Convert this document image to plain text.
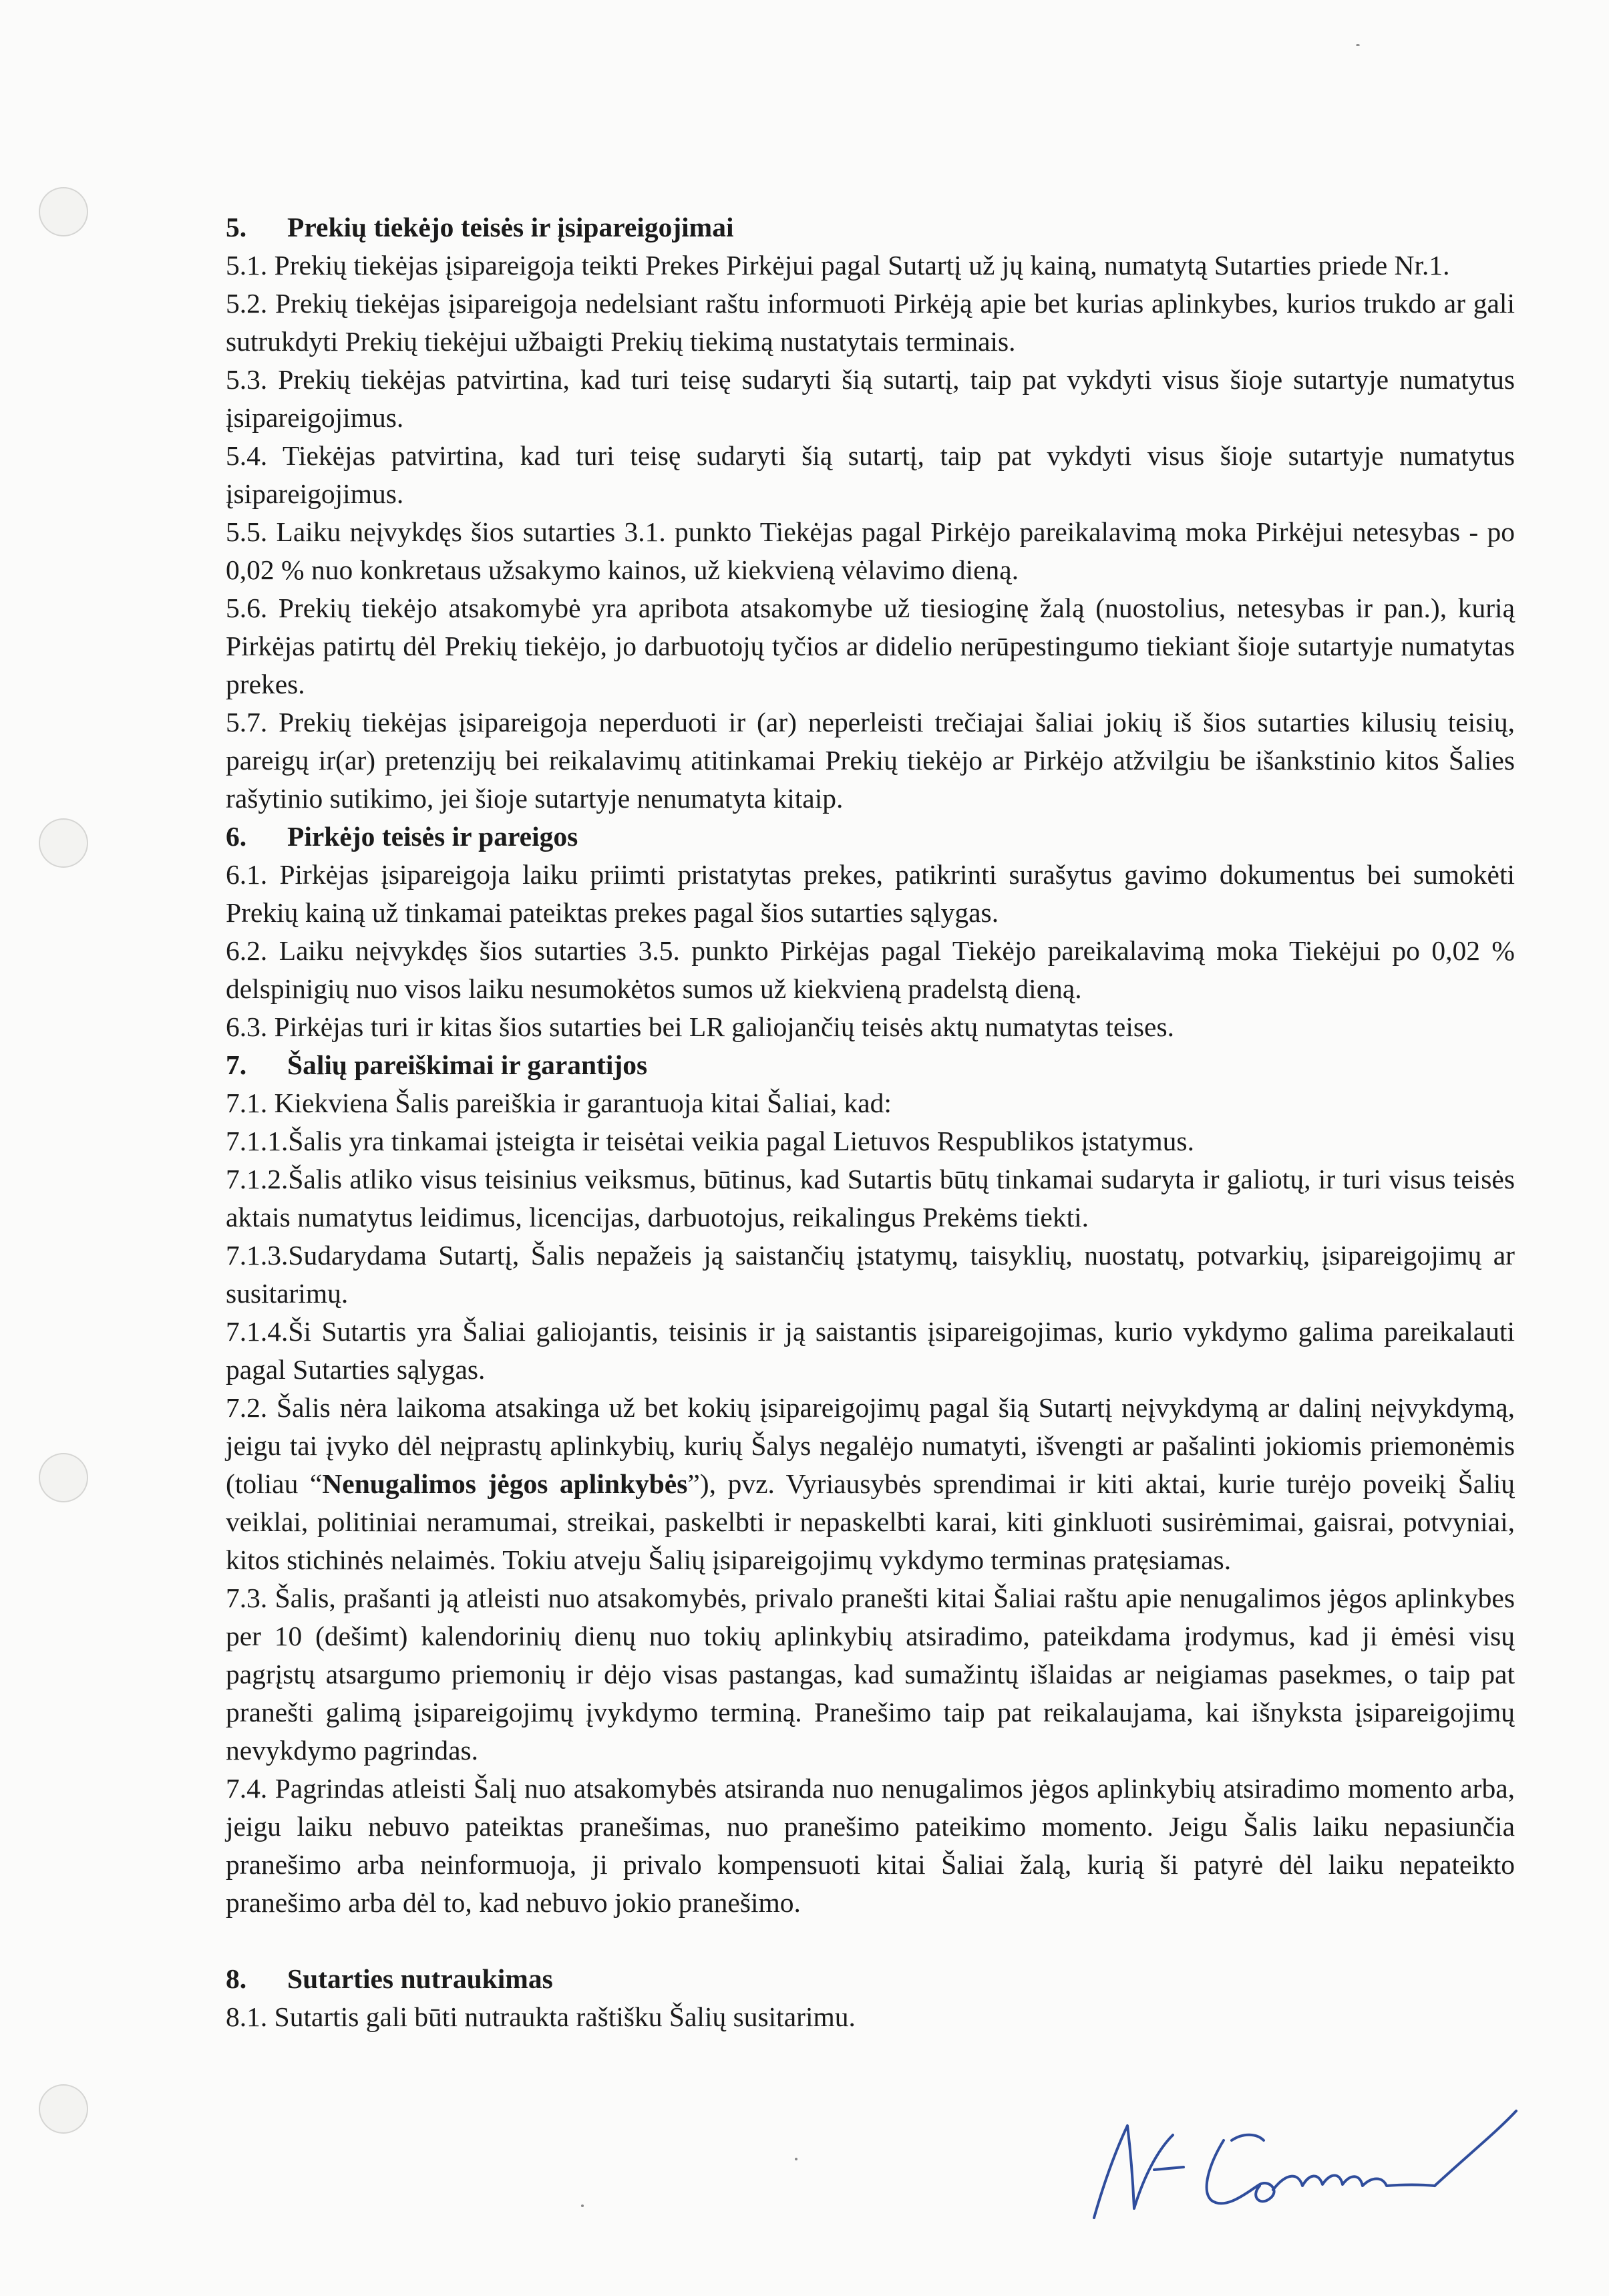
5. Prekių tiekėjo teisės ir įsipareigojimai

5.1. Prekių tiekėjas įsipareigoja teikti Prekes Pirkėjui pagal Sutartį už jų kainą, numatytą Sutarties priede Nr.1.

5.2. Prekių tiekėjas įsipareigoja nedelsiant raštu informuoti Pirkėją apie bet kurias aplinkybes, kurios trukdo ar gali sutrukdyti Prekių tiekėjui užbaigti Prekių tiekimą nustatytais terminais.

5.3. Prekių tiekėjas patvirtina, kad turi teisę sudaryti šią sutartį, taip pat vykdyti visus šioje sutartyje numatytus įsipareigojimus.

5.4. Tiekėjas patvirtina, kad turi teisę sudaryti šią sutartį, taip pat vykdyti visus šioje sutartyje numatytus įsipareigojimus.

5.5. Laiku neįvykdęs šios sutarties 3.1. punkto Tiekėjas pagal Pirkėjo pareikalavimą moka Pirkėjui netesybas - po 0,02 % nuo konkretaus užsakymo kainos, už kiekvieną vėlavimo dieną.

5.6. Prekių tiekėjo atsakomybė yra apribota atsakomybe už tiesioginę žalą (nuostolius, netesybas ir pan.), kurią Pirkėjas patirtų dėl Prekių tiekėjo, jo darbuotojų tyčios ar didelio nerūpestingumo tiekiant šioje sutartyje numatytas prekes.

5.7. Prekių tiekėjas įsipareigoja neperduoti ir (ar) neperleisti trečiajai šaliai jokių iš šios sutarties kilusių teisių, pareigų ir(ar) pretenzijų bei reikalavimų atitinkamai Prekių tiekėjo ar Pirkėjo atžvilgiu be išankstinio kitos Šalies rašytinio sutikimo, jei šioje sutartyje nenumatyta kitaip.

6. Pirkėjo teisės ir pareigos

6.1. Pirkėjas įsipareigoja laiku priimti pristatytas prekes, patikrinti surašytus gavimo dokumentus bei sumokėti Prekių kainą už tinkamai pateiktas prekes pagal šios sutarties sąlygas.

6.2. Laiku neįvykdęs šios sutarties 3.5. punkto Pirkėjas pagal Tiekėjo pareikalavimą moka Tiekėjui po 0,02 % delspinigių nuo visos laiku nesumokėtos sumos už kiekvieną pradelstą dieną.

6.3. Pirkėjas turi ir kitas šios sutarties bei LR galiojančių teisės aktų numatytas teises.

7. Šalių pareiškimai ir garantijos

7.1. Kiekviena Šalis pareiškia ir garantuoja kitai Šaliai, kad:

7.1.1.Šalis yra tinkamai įsteigta ir teisėtai veikia pagal Lietuvos Respublikos įstatymus.

7.1.2.Šalis atliko visus teisinius veiksmus, būtinus, kad Sutartis būtų tinkamai sudaryta ir galiotų, ir turi visus teisės aktais numatytus leidimus, licencijas, darbuotojus, reikalingus Prekėms tiekti.

7.1.3.Sudarydama Sutartį, Šalis nepažeis ją saistančių įstatymų, taisyklių, nuostatų, potvarkių, įsipareigojimų ar susitarimų.

7.1.4.Ši Sutartis yra Šaliai galiojantis, teisinis ir ją saistantis įsipareigojimas, kurio vykdymo galima pareikalauti pagal Sutarties sąlygas.

7.2. Šalis nėra laikoma atsakinga už bet kokių įsipareigojimų pagal šią Sutartį neįvykdymą ar dalinį neįvykdymą, jeigu tai įvyko dėl neįprastų aplinkybių, kurių Šalys negalėjo numatyti, išvengti ar pašalinti jokiomis priemonėmis (toliau “Nenugalimos jėgos aplinkybės”), pvz. Vyriausybės sprendimai ir kiti aktai, kurie turėjo poveikį Šalių veiklai, politiniai neramumai, streikai, paskelbti ir nepaskelbti karai, kiti ginkluoti susirėmimai, gaisrai, potvyniai, kitos stichinės nelaimės. Tokiu atveju Šalių įsipareigojimų vykdymo terminas pratęsiamas.

7.3. Šalis, prašanti ją atleisti nuo atsakomybės, privalo pranešti kitai Šaliai raštu apie nenugalimos jėgos aplinkybes per 10 (dešimt) kalendorinių dienų nuo tokių aplinkybių atsiradimo, pateikdama įrodymus, kad ji ėmėsi visų pagrįstų atsargumo priemonių ir dėjo visas pastangas, kad sumažintų išlaidas ar neigiamas pasekmes, o taip pat pranešti galimą įsipareigojimų įvykdymo terminą. Pranešimo taip pat reikalaujama, kai išnyksta įsipareigojimų nevykdymo pagrindas.

7.4. Pagrindas atleisti Šalį nuo atsakomybės atsiranda nuo nenugalimos jėgos aplinkybių atsiradimo momento arba, jeigu laiku nebuvo pateiktas pranešimas, nuo pranešimo pateikimo momento. Jeigu Šalis laiku nepasiunčia pranešimo arba neinformuoja, ji privalo kompensuoti kitai Šaliai žalą, kurią ši patyrė dėl laiku nepateikto pranešimo arba dėl to, kad nebuvo jokio pranešimo.

8. Sutarties nutraukimas

8.1. Sutartis gali būti nutraukta raštišku Šalių susitarimu.
